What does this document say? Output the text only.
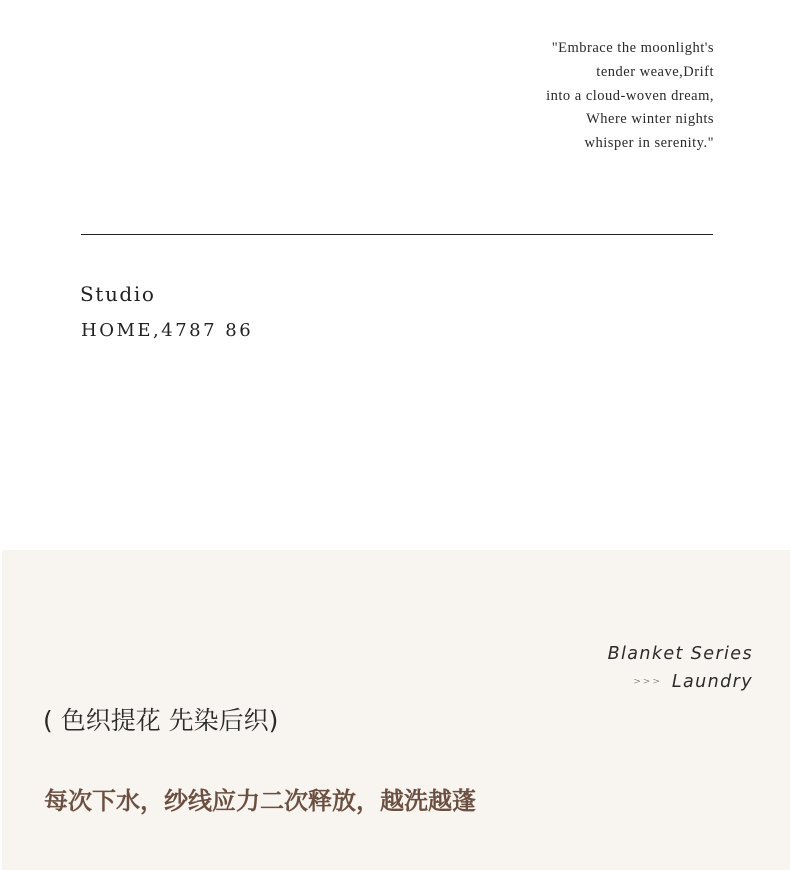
"Embrace the moonlight's
tender weave,Drift
into a cloud-woven dream,
Where winter nights
whisper in serenity."
Studio
HOME,4787 86
Blanket Series
>>> Laundry
( 色织提花 先染后织)
每次下水，纱线应力二次释放，越洗越蓬
